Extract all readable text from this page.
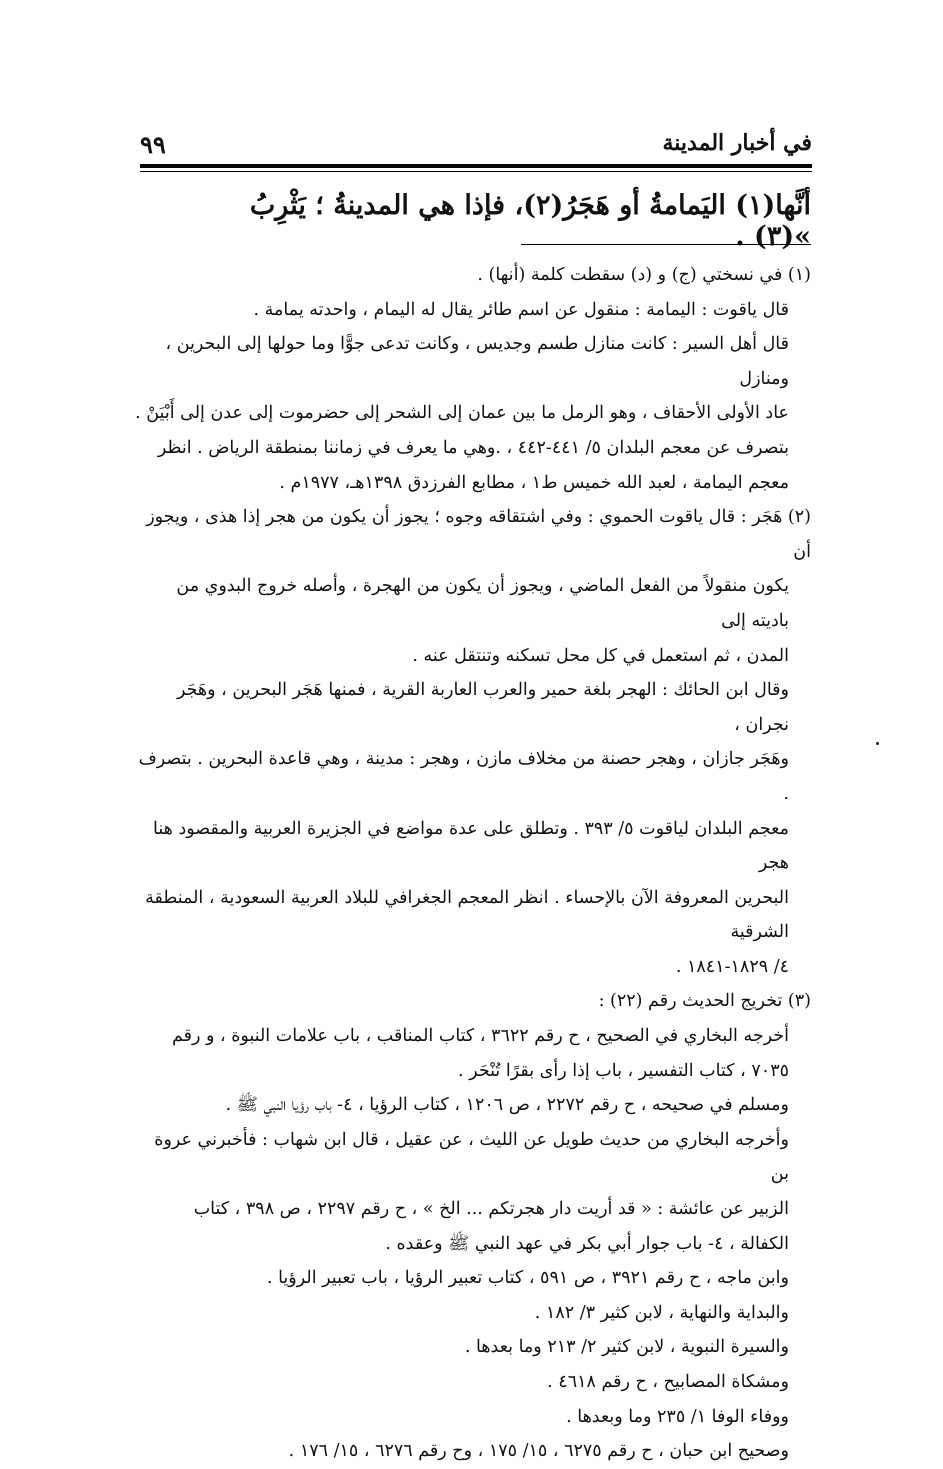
٩٩	في أخبار المدينة
أنَّها(١) اليَمامةُ أو هَجَرُ(٢)، فإذا هي المدينةُ ؛ يَثْرِبُ »(٣) .

(١) في نسختي (ج) و (د) سقطت كلمة (أنها) .

قال ياقوت : اليمامة : منقول عن اسم طائر يقال له اليمام ، واحدته يمامة .

قال أهل السير : كانت منازل طسم وجديس ، وكانت تدعى جوًّا وما حولها إلى البحرين ، ومنازل

عاد الأولى الأحقاف ، وهو الرمل ما بين عمان إلى الشحر إلى حضرموت إلى عدن إلى أَبْيَنْ .

بتصرف عن معجم البلدان ٥/ ٤٤١-٤٤٢ ، .وهي ما يعرف في زماننا بمنطقة الرياض . انظر

معجم اليمامة ، لعبد الله خميس ط١ ، مطابع الفرزدق ١٣٩٨هـ، ١٩٧٧م .

(٢) هَجَر : قال ياقوت الحموي : وفي اشتقاقه وجوه ؛ يجوز أن يكون من هجر إذا هذى ، ويجوز أن

يكون منقولاً من الفعل الماضي ، ويجوز أن يكون من الهجرة ، وأصله خروج البدوي من باديته إلى

المدن ، ثم استعمل في كل محل تسكنه وتنتقل عنه .

وقال ابن الحائك : الهجر بلغة حمير والعرب العاربة القرية ، فمنها هَجَر البحرين ، وهَجَر نجران ،

وهَجَر جازان ، وهجر حصنة من مخلاف مازن ، وهجر : مدينة ، وهي قاعدة البحرين . بتصرف .

معجم البلدان لياقوت ٥/ ٣٩٣ . وتطلق على عدة مواضع في الجزيرة العربية والمقصود هنا هجر

البحرين المعروفة الآن بالإحساء . انظر المعجم الجغرافي للبلاد العربية السعودية ، المنطقة الشرقية

٤/ ١٨٢٩-١٨٤١ .

(٣) تخريج الحديث رقم (٢٢) :

أخرجه البخاري في الصحيح ، ح رقم ٣٦٢٢ ، كتاب المناقب ، باب علامات النبوة ، و رقم

٧٠٣٥ ، كتاب التفسير ، باب إذا رأى بقرًا تُنْحَر .

ومسلم في صحيحه ، ح رقم ٢٢٧٢ ، ص ١٢٠٦ ، كتاب الرؤيا ، ٤- باب رؤيا النبي ﷺ .

وأخرجه البخاري من حديث طويل عن الليث ، عن عقيل ، قال ابن شهاب : فأخبرني عروة بن

الزبير عن عائشة : « قد أريت دار هجرتكم ... الخ » ، ح رقم ٢٢٩٧ ، ص ٣٩٨ ، كتاب

الكفالة ، ٤- باب جوار أبي بكر في عهد النبي ﷺ وعقده .

وابن ماجه ، ح رقم ٣٩٢١ ، ص ٥٩١ ، كتاب تعبير الرؤيا ، باب تعبير الرؤيا .

والبداية والنهاية ، لابن كثير ٣/ ١٨٢ .

والسيرة النبوية ، لابن كثير ٢/ ٢١٣ وما بعدها .

ومشكاة المصابيح ، ح رقم ٤٦١٨ .

ووفاء الوفا ١/ ٢٣٥ وما وبعدها .

وصحيح ابن حبان ، ح رقم ٦٢٧٥ ، ١٥/ ١٧٥ ، وح رقم ٦٢٧٦ ، ١٥/ ١٧٦ .
